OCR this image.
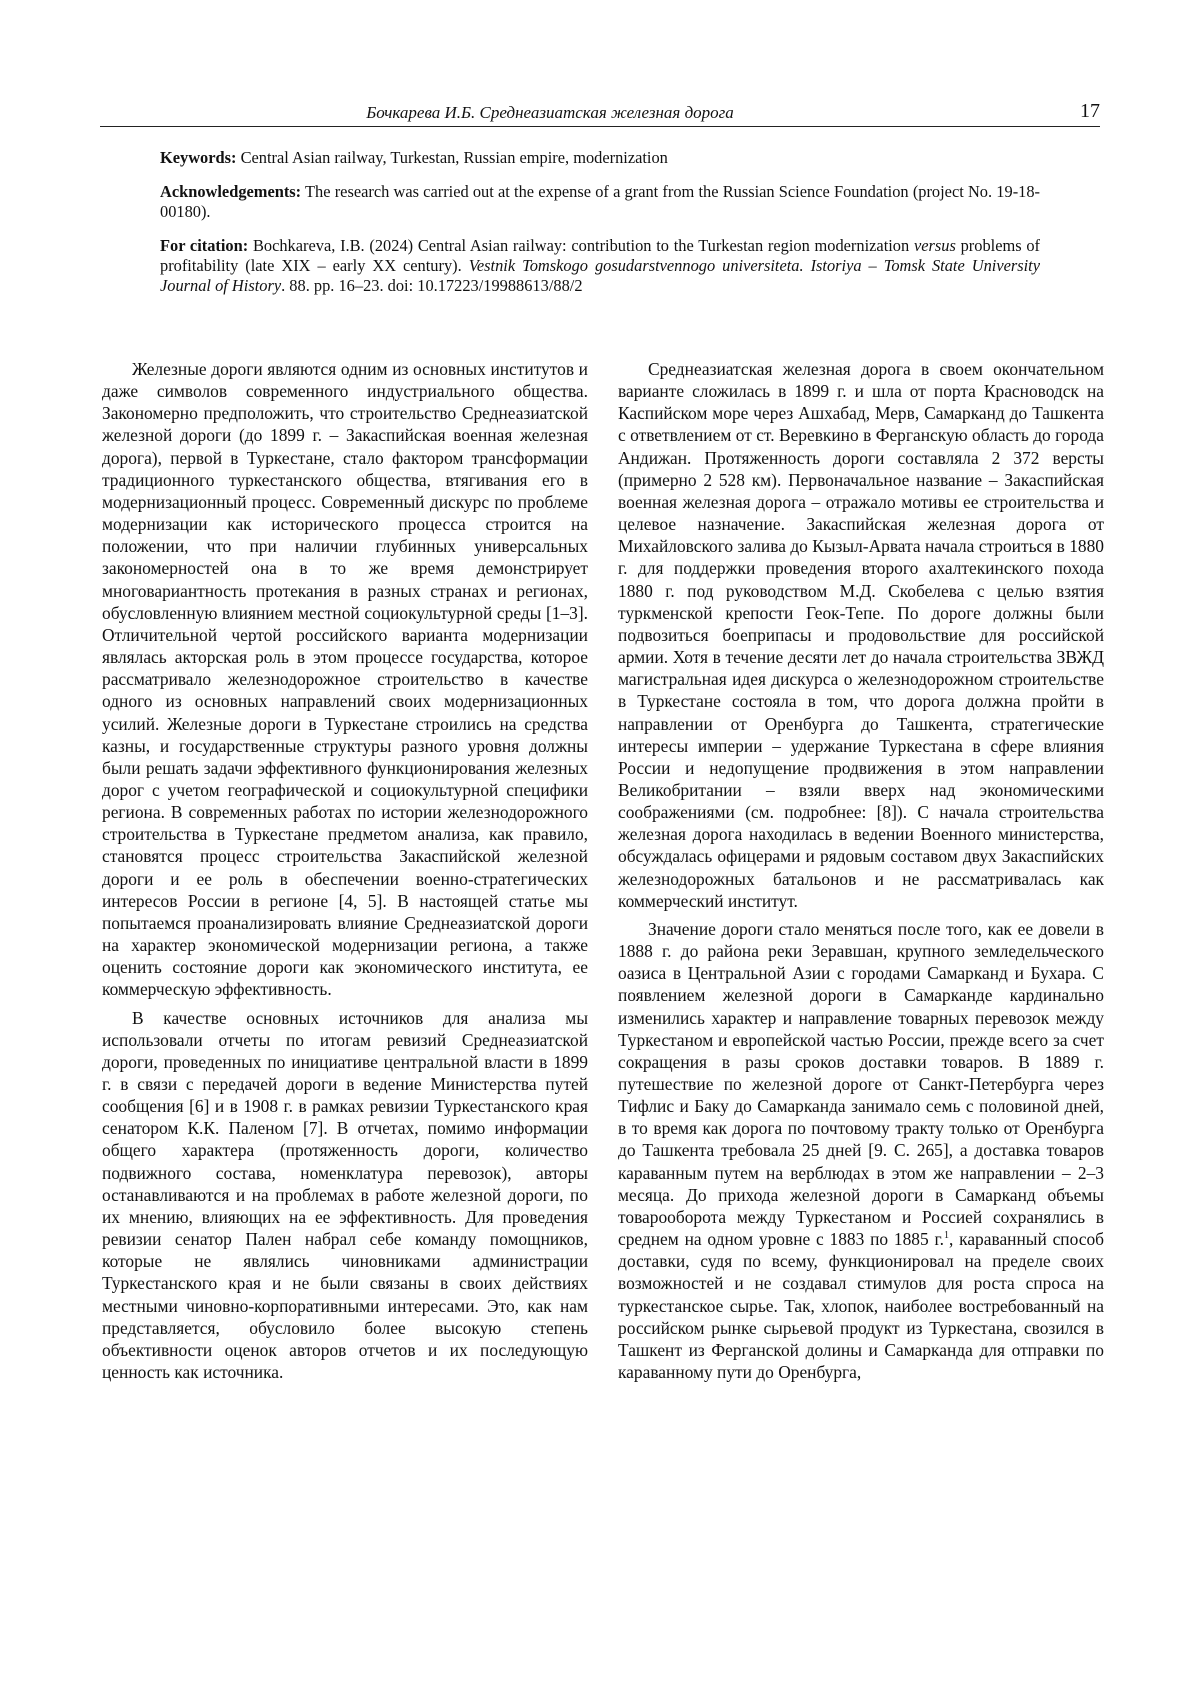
Бочкарева И.Б. Среднеазиатская железная дорога	17

Keywords: Central Asian railway, Turkestan, Russian empire, modernization

Acknowledgements: The research was carried out at the expense of a grant from the Russian Science Foundation (project No. 19-18-00180).

For citation: Bochkareva, I.B. (2024) Central Asian railway: contribution to the Turkestan region modernization versus problems of profitability (late XIX – early XX century). Vestnik Tomskogo gosudarstvennogo universiteta. Istoriya – Tomsk State University Journal of History. 88. pp. 16–23. doi: 10.17223/19988613/88/2

Железные дороги являются одним из основных институтов и даже символов современного индустриального общества. Закономерно предположить, что строительство Среднеазиатской железной дороги (до 1899 г. – Закаспийская военная железная дорога), первой в Туркестане, стало фактором трансформации традиционного туркестанского общества, втягивания его в модернизационный процесс. Современный дискурс по проблеме модернизации как исторического процесса строится на положении, что при наличии глубинных универсальных закономерностей она в то же время демонстрирует многовариантность протекания в разных странах и регионах, обусловленную влиянием местной социокультурной среды [1–3]. Отличительной чертой российского варианта модернизации являлась акторская роль в этом процессе государства, которое рассматривало железнодорожное строительство в качестве одного из основных направлений своих модернизационных усилий. Железные дороги в Туркестане строились на средства казны, и государственные структуры разного уровня должны были решать задачи эффективного функционирования железных дорог с учетом географической и социокультурной специфики региона. В современных работах по истории железнодорожного строительства в Туркестане предметом анализа, как правило, становятся процесс строительства Закаспийской железной дороги и ее роль в обеспечении военно-стратегических интересов России в регионе [4, 5]. В настоящей статье мы попытаемся проанализировать влияние Среднеазиатской дороги на характер экономической модернизации региона, а также оценить состояние дороги как экономического института, ее коммерческую эффективность.

В качестве основных источников для анализа мы использовали отчеты по итогам ревизий Среднеазиатской дороги, проведенных по инициативе центральной власти в 1899 г. в связи с передачей дороги в ведение Министерства путей сообщения [6] и в 1908 г. в рамках ревизии Туркестанского края сенатором К.К. Паленом [7]. В отчетах, помимо информации общего характера (протяженность дороги, количество подвижного состава, номенклатура перевозок), авторы останавливаются и на проблемах в работе железной дороги, по их мнению, влияющих на ее эффективность. Для проведения ревизии сенатор Пален набрал себе команду помощников, которые не являлись чиновниками администрации Туркестанского края и не были связаны в своих действиях местными чиновно-корпоративными интересами. Это, как нам представляется, обусловило более высокую степень объективности оценок авторов отчетов и их последующую ценность как источника.

Среднеазиатская железная дорога в своем окончательном варианте сложилась в 1899 г. и шла от порта Красноводск на Каспийском море через Ашхабад, Мерв, Самарканд до Ташкента с ответвлением от ст. Веревкино в Ферганскую область до города Андижан. Протяженность дороги составляла 2 372 версты (примерно 2 528 км). Первоначальное название – Закаспийская военная железная дорога – отражало мотивы ее строительства и целевое назначение. Закаспийская железная дорога от Михайловского залива до Кызыл-Арвата начала строиться в 1880 г. для поддержки проведения второго ахалтекинского похода 1880 г. под руководством М.Д. Скобелева с целью взятия туркменской крепости Геок-Тепе. По дороге должны были подвозиться боеприпасы и продовольствие для российской армии. Хотя в течение десяти лет до начала строительства ЗВЖД магистральная идея дискурса о железнодорожном строительстве в Туркестане состояла в том, что дорога должна пройти в направлении от Оренбурга до Ташкента, стратегические интересы империи – удержание Туркестана в сфере влияния России и недопущение продвижения в этом направлении Великобритании – взяли вверх над экономическими соображениями (см. подробнее: [8]). С начала строительства железная дорога находилась в ведении Военного министерства, обсуждалась офицерами и рядовым составом двух Закаспийских железнодорожных батальонов и не рассматривалась как коммерческий институт.

Значение дороги стало меняться после того, как ее довели в 1888 г. до района реки Зеравшан, крупного земледельческого оазиса в Центральной Азии с городами Самарканд и Бухара. С появлением железной дороги в Самарканде кардинально изменились характер и направление товарных перевозок между Туркестаном и европейской частью России, прежде всего за счет сокращения в разы сроков доставки товаров. В 1889 г. путешествие по железной дороге от Санкт-Петербурга через Тифлис и Баку до Самарканда занимало семь с половиной дней, в то время как дорога по почтовому тракту только от Оренбурга до Ташкента требовала 25 дней [9. С. 265], а доставка товаров караванным путем на верблюдах в этом же направлении – 2–3 месяца. До прихода железной дороги в Самарканд объемы товарооборота между Туркестаном и Россией сохранялись в среднем на одном уровне с 1883 по 1885 г.$^1$, караванный способ доставки, судя по всему, функционировал на пределе своих возможностей и не создавал стимулов для роста спроса на туркестанское сырье. Так, хлопок, наиболее востребованный на российском рынке сырьевой продукт из Туркестана, свозился в Ташкент из Ферганской долины и Самарканда для отправки по караванному пути до Оренбурга,
